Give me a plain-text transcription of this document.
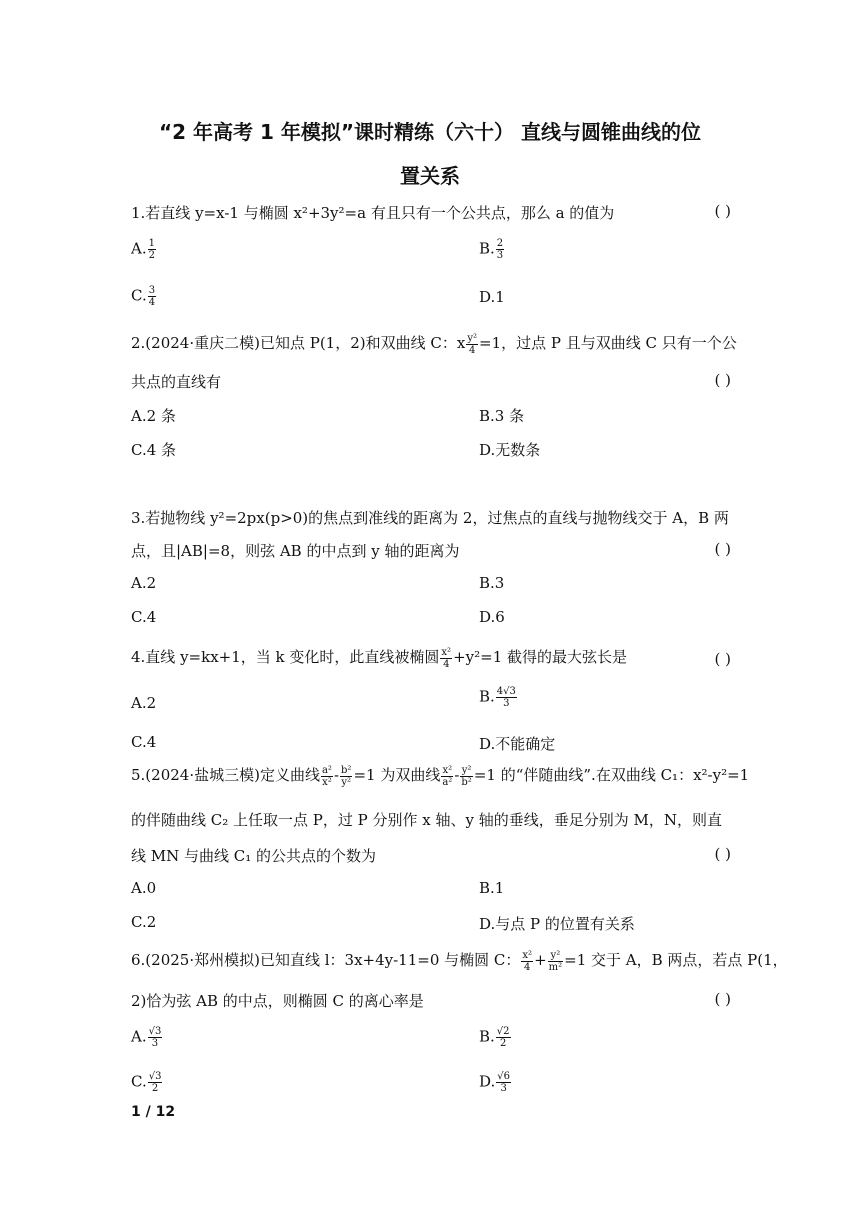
“2 年高考 1 年模拟”课时精练（六十） 直线与圆锥曲线的位
置关系
1.若直线 y=x-1 与椭圆 x²+3y²=a 有且只有一个公共点，那么 a 的值为	( )
A. $\frac{1}{2}$	B. $\frac{2}{3}$
C. $\frac{3}{4}$	D.1
2.(2024·重庆二模)已知点 P(1，2)和双曲线 C：x $\frac{\text{y²}}{4} =1$，过点 P 且与双曲线 C 只有一个公
共点的直线有	( )
A.2 条	B.3 条
C.4 条	D.无数条
3.若抛物线 y²=2px(p>0)的焦点到准线的距离为 2，过焦点的直线与抛物线交于 A，B 两
点，且|AB|=8，则弦 AB 的中点到 y 轴的距离为	( )
A.2	B.3
C.4	D.6
4.直线 y=kx+1，当 k 变化时，此直线被椭圆 $\frac{\text{x²}}{4} +y^2=1$ 截得的最大弦长是	( )
A.2	B. $\frac{4√3}{3}$
C.4	D.不能确定
5.(2024·盐城三模)定义曲线 $\frac{\text{a²}}{\text{x²}} - \frac{\text{b²}}{\text{y²}} =1$ 为双曲线 $\frac{\text{x²}}{\text{a²}} - \frac{\text{y²}}{\text{b²}} =1$ 的“伴随曲线”.在双曲线 C₁：x²-y²=1
的伴随曲线 C₂ 上任取一点 P，过 P 分别作 x 轴、y 轴的垂线，垂足分别为 M，N，则直
线 MN 与曲线 C₁ 的公共点的个数为	( )
A.0	B.1
C.2	D.与点 P 的位置有关系
6.(2025·郑州模拟)已知直线 l：3x+4y-11=0 与椭圆 C： $\frac{\text{x²}}{4} + \frac{\text{y²}}{\text{m²}} =1$ 交于 A，B 两点，若点 P(1，
2)恰为弦 AB 的中点，则椭圆 C 的离心率是	( )
A. $\frac{√3}{3}$	B. $\frac{√2}{2}$
C. $\frac{√3}{2}$	D. $\frac{√6}{3}$
1 / 12
